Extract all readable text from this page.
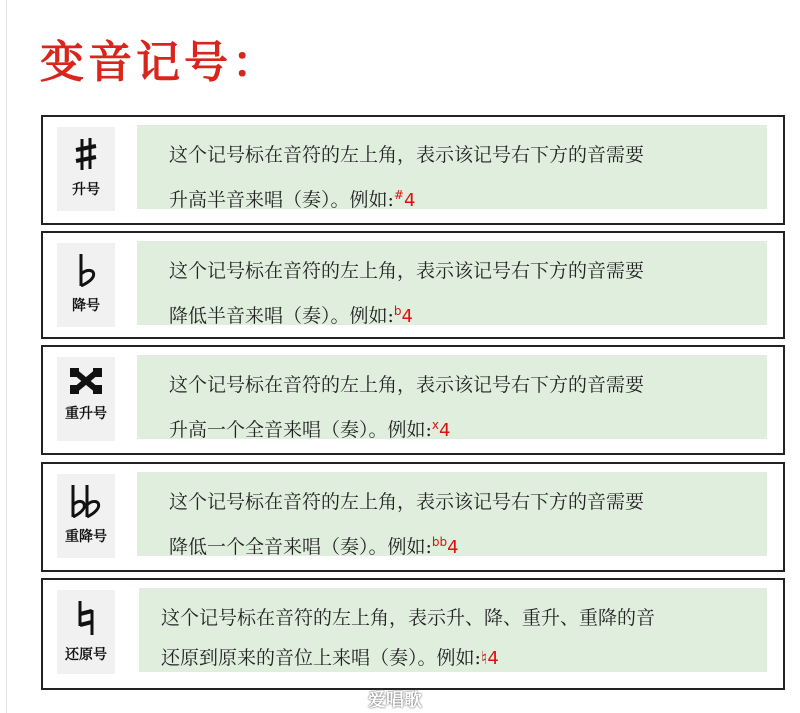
变音记号：
升号
这个记号标在音符的左上角，表示该记号右下方的音需要
升高半音来唱（奏）。例如:#4
降号
这个记号标在音符的左上角，表示该记号右下方的音需要
降低半音来唱（奏）。例如:$^b$4
重升号
这个记号标在音符的左上角，表示该记号右下方的音需要
升高一个全音来唱（奏）。例如:$^x$4
重降号
这个记号标在音符的左上角，表示该记号右下方的音需要
降低一个全音来唱（奏）。例如:$^{bb}$4
还原号
这个记号标在音符的左上角，表示升、降、重升、重降的音
还原到原来的音位上来唱（奏）。例如:♮4
爱唱歌
